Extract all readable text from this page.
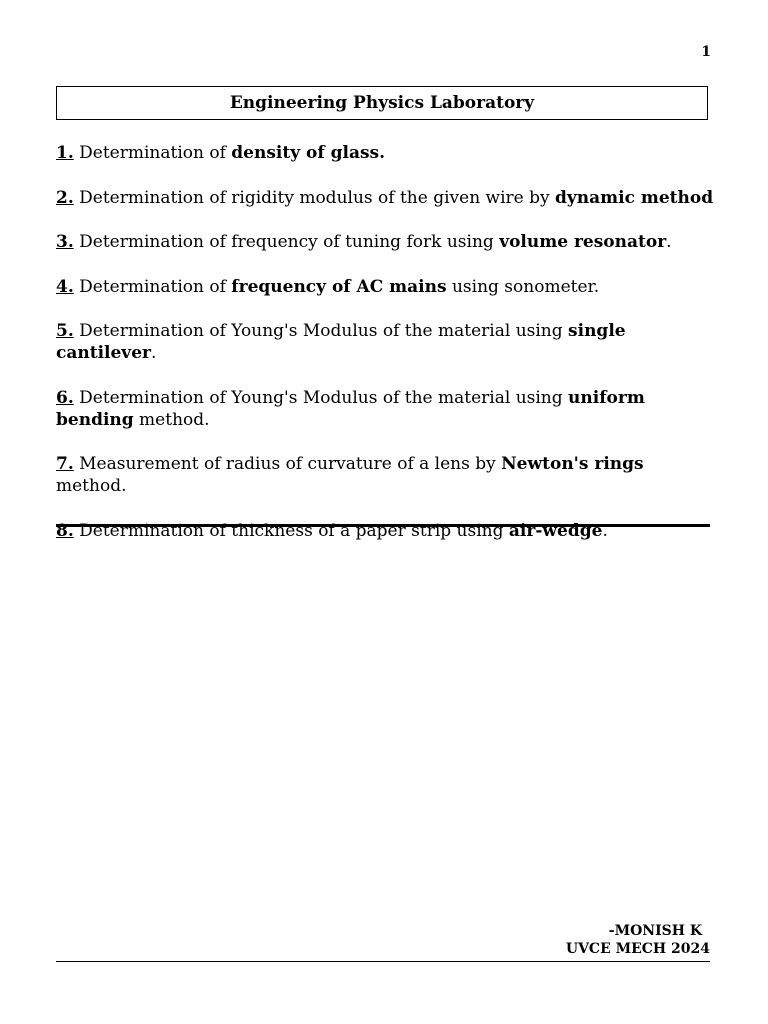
1
Engineering Physics Laboratory
1. Determination of density of glass.
2. Determination of rigidity modulus of the given wire by dynamic method
3. Determination of frequency of tuning fork using volume resonator.
4. Determination of frequency of AC mains using sonometer.
5. Determination of Young's Modulus of the material using single cantilever.
6. Determination of Young's Modulus of the material using uniform bending method.
7. Measurement of radius of curvature of a lens by Newton's rings method.
8. Determination of thickness of a paper strip using air-wedge.
-MONISH K
UVCE MECH 2024
